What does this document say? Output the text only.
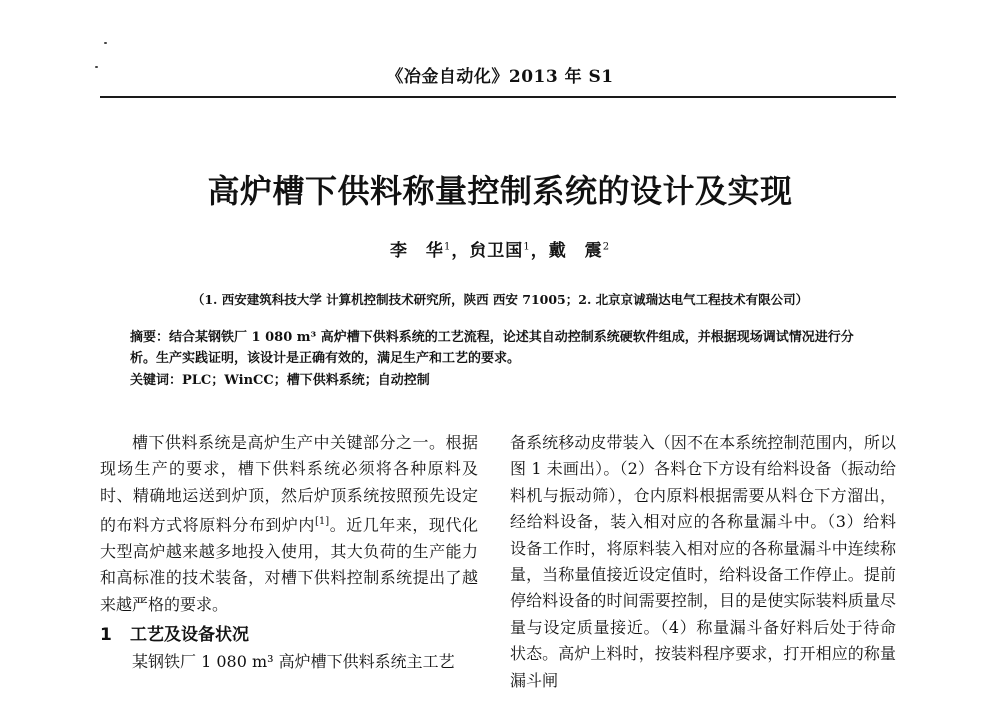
《冶金自动化》2013 年 S1
高炉槽下供料称量控制系统的设计及实现
李　华$^1$，贠卫国$^1$，戴　震$^2$
（1. 西安建筑科技大学 计算机控制技术研究所，陕西 西安 71005；2. 北京京诚瑞达电气工程技术有限公司）
摘要：结合某钢铁厂 1 080 m³ 高炉槽下供料系统的工艺流程，论述其自动控制系统硬软件组成，并根据现场调试情况进行分析。生产实践证明，该设计是正确有效的，满足生产和工艺的要求。
关键词：PLC；WinCC；槽下供料系统；自动控制

槽下供料系统是高炉生产中关键部分之一。根据现场生产的要求，槽下供料系统必须将各种原料及时、精确地运送到炉顶，然后炉顶系统按照预先设定的布料方式将原料分布到炉内[1]。近几年来，现代化大型高炉越来越多地投入使用，其大负荷的生产能力和高标准的技术装备，对槽下供料控制系统提出了越来越严格的要求。

1 工艺及设备状况

某钢铁厂 1 080 m³ 高炉槽下供料系统主工艺

备系统移动皮带装入（因不在本系统控制范围内，所以图 1 未画出）。（2）各料仓下方设有给料设备（振动给料机与振动筛），仓内原料根据需要从料仓下方溜出，经给料设备，装入相对应的各称量漏斗中。（3）给料设备工作时，将原料装入相对应的各称量漏斗中连续称量，当称量值接近设定值时，给料设备工作停止。提前停给料设备的时间需要控制，目的是使实际装料质量尽量与设定质量接近。（4）称量漏斗备好料后处于待命状态。高炉上料时，按装料程序要求，打开相应的称量漏斗闸
